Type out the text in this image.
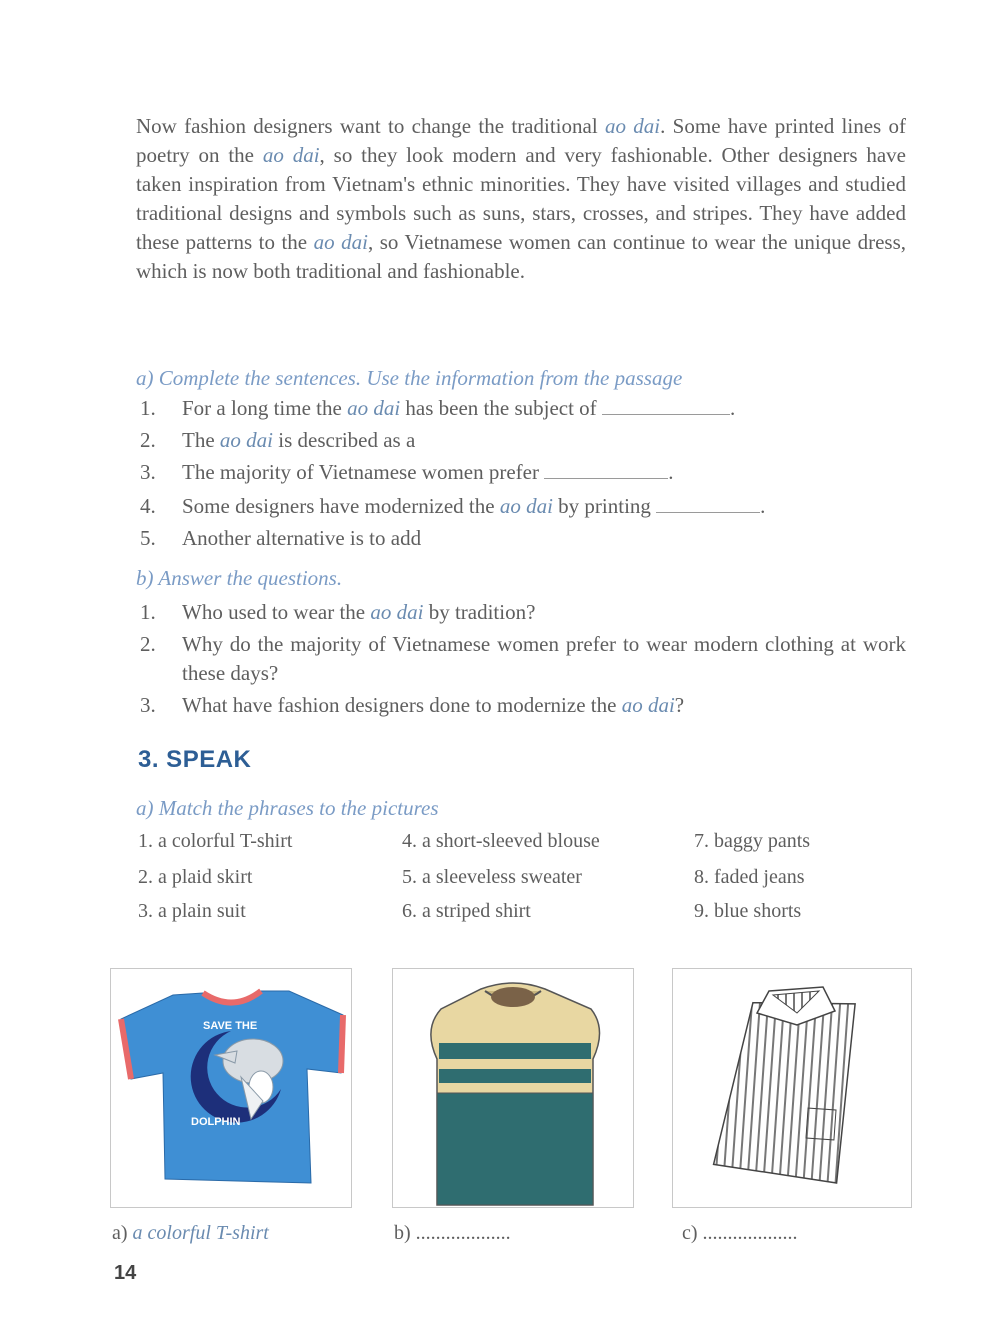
Now fashion designers want to change the traditional ao dai. Some have printed lines of poetry on the ao dai, so they look modern and very fashionable. Other designers have taken inspiration from Vietnam's ethnic minorities. They have visited villages and studied traditional designs and symbols such as suns, stars, crosses, and stripes. They have added these patterns to the ao dai, so Vietnamese women can continue to wear the unique dress, which is now both traditional and fashionable.

a) Complete the sentences. Use the information from the passage

1. For a long time the ao dai has been the subject of	.
2. The ao dai is described as a
3. The majority of Vietnamese women prefer	.
4. Some designers have modernized the ao dai by printing	.
5. Another alternative is to add

b) Answer the questions.

1. Who used to wear the ao dai by tradition?
2. Why do the majority of Vietnamese women prefer to wear modern clothing at work these days?
3. What have fashion designers done to modernize the ao dai?
3. SPEAK

a) Match the phrases to the pictures

1. a colorful T-shirt	4. a short-sleeved blouse	7. baggy pants
2. a plaid skirt	5. a sleeveless sweater	8. faded jeans
3. a plain suit	6. a striped shirt	9. blue shorts
SAVE THE
DOLPHIN
a) a colorful T-shirt	b) ...................	c) ...................
14
